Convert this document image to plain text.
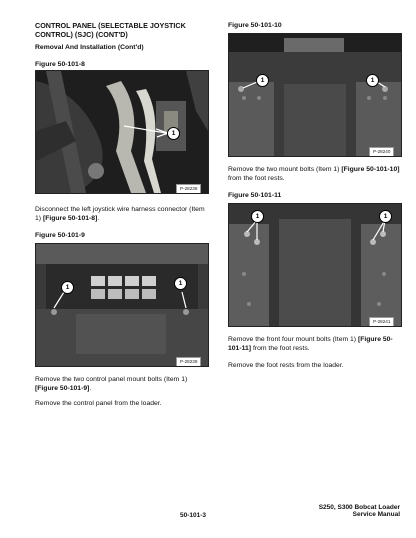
CONTROL PANEL (SELECTABLE JOYSTICK
CONTROL) (SJC) (CONT'D)
Removal And Installation (Cont'd)
Figure 50-101-8
1
P-28238
Disconnect the left joystick wire harness connector (Item 1) [Figure 50-101-8].
Figure 50-101-9
1
1
P-28239
Remove the two control panel mount bolts (Item 1) [Figure 50-101-9].
Remove the control panel from the loader.
Figure 50-101-10
1	1
P-28240
Remove the two mount bolts (Item 1) [Figure 50-101-10] from the foot rests.
Figure 50-101-11
1	1
P-28241
Remove the front four mount bolts (Item 1) [Figure 50-101-11] from the foot rests.
Remove the foot rests from the loader.
50-101-3
S250, S300 Bobcat Loader
Service Manual
